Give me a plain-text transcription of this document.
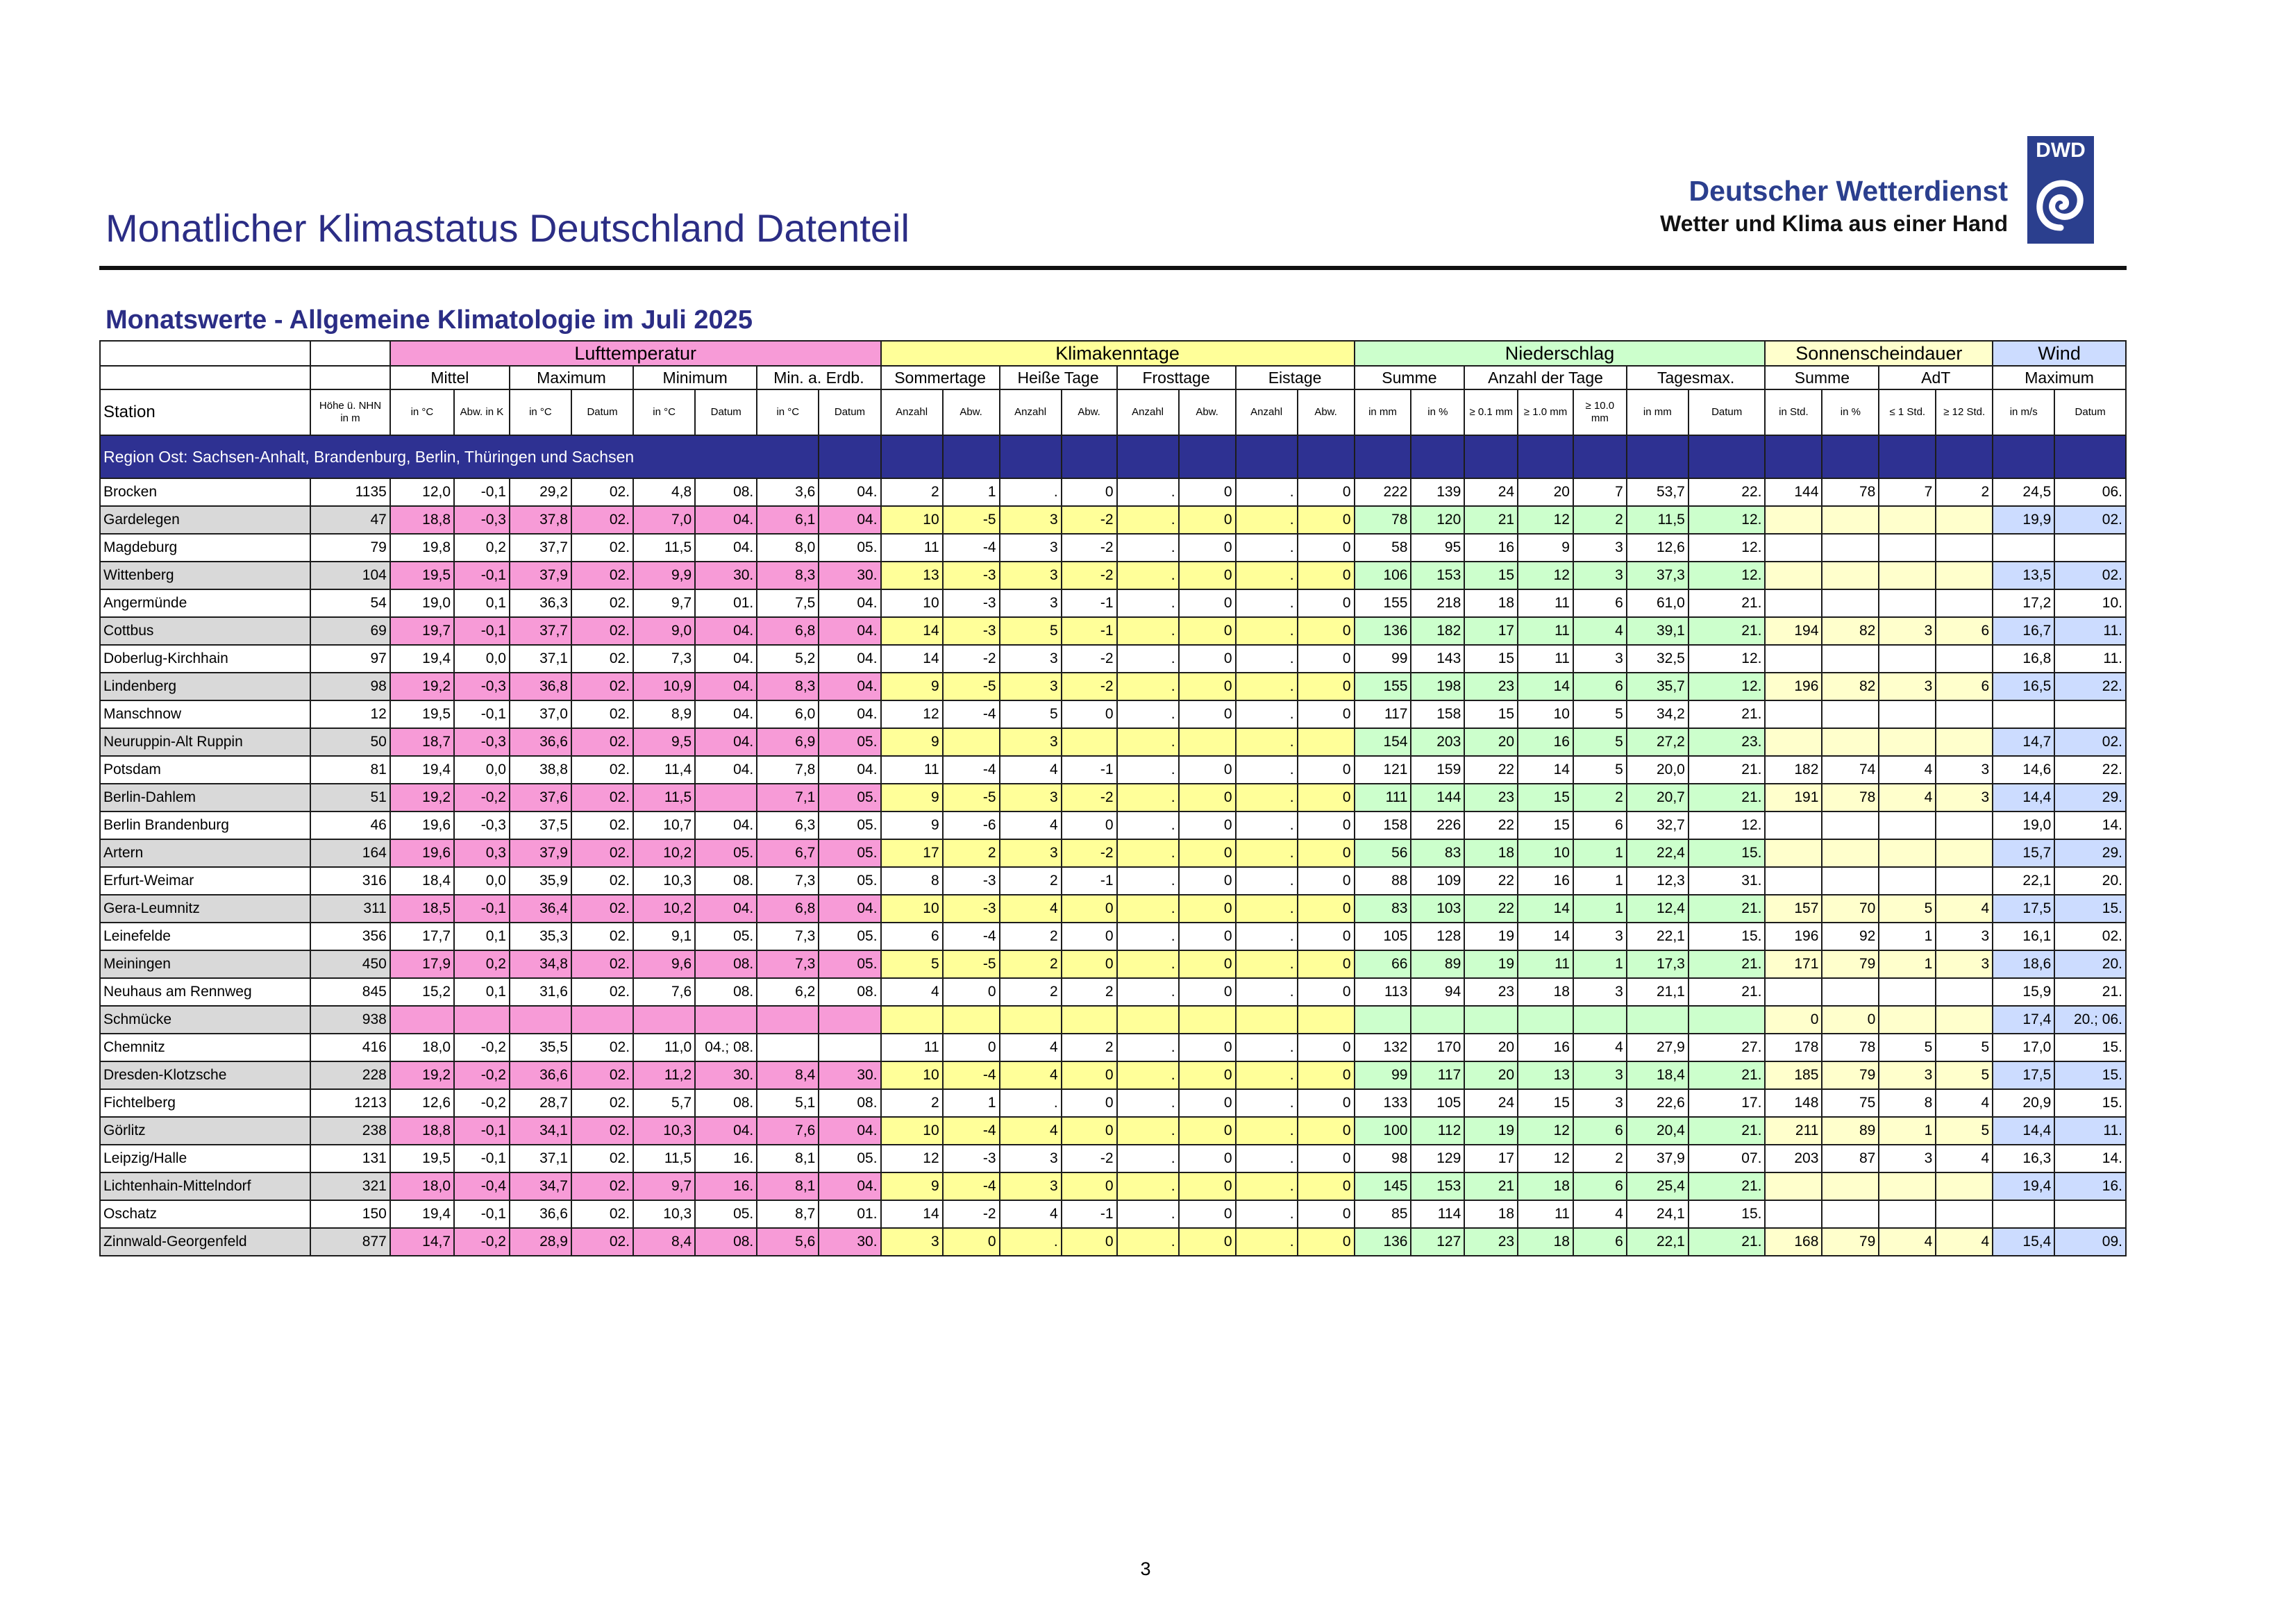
Monatlicher Klimastatus Deutschland Datenteil
Deutscher Wetterdienst
Wetter und Klima aus einer Hand
DWD
Monatswerte - Allgemeine Klimatologie im Juli 2025
		Lufttemperatur								Klimakenntage								Niederschlag							Sonnenscheindauer				Wind	
		Mittel		Maximum		Minimum		Min. a. Erdb.		Sommertage		Heiße Tage		Frosttage		Eistage		Summe		Anzahl der Tage			Tagesmax.		Summe		AdT		Maximum	
Station	Höhe ü. NHN in m	in °C	Abw. in K	in °C	Datum	in °C	Datum	in °C	Datum	Anzahl	Abw.	Anzahl	Abw.	Anzahl	Abw.	Anzahl	Abw.	in mm	in %	≥ 0.1 mm	≥ 1.0 mm	≥ 10.0 mm	in mm	Datum	in Std.	in %	≤ 1 Std.	≥ 12 Std.	in m/s	Datum
Region Ost: Sachsen-Anhalt, Brandenburg, Berlin, Thüringen und Sachsen																														
Brocken	1135	12,0	-0,1	29,2	02.	4,8	08.	3,6	04.	2	1	.	0	.	0	.	0	222	139	24	20	7	53,7	22.	144	78	7	2	24,5	06.
Gardelegen	47	18,8	-0,3	37,8	02.	7,0	04.	6,1	04.	10	-5	3	-2	.	0	.	0	78	120	21	12	2	11,5	12.					19,9	02.
Magdeburg	79	19,8	0,2	37,7	02.	11,5	04.	8,0	05.	11	-4	3	-2	.	0	.	0	58	95	16	9	3	12,6	12.						
Wittenberg	104	19,5	-0,1	37,9	02.	9,9	30.	8,3	30.	13	-3	3	-2	.	0	.	0	106	153	15	12	3	37,3	12.					13,5	02.
Angermünde	54	19,0	0,1	36,3	02.	9,7	01.	7,5	04.	10	-3	3	-1	.	0	.	0	155	218	18	11	6	61,0	21.					17,2	10.
Cottbus	69	19,7	-0,1	37,7	02.	9,0	04.	6,8	04.	14	-3	5	-1	.	0	.	0	136	182	17	11	4	39,1	21.	194	82	3	6	16,7	11.
Doberlug-Kirchhain	97	19,4	0,0	37,1	02.	7,3	04.	5,2	04.	14	-2	3	-2	.	0	.	0	99	143	15	11	3	32,5	12.					16,8	11.
Lindenberg	98	19,2	-0,3	36,8	02.	10,9	04.	8,3	04.	9	-5	3	-2	.	0	.	0	155	198	23	14	6	35,7	12.	196	82	3	6	16,5	22.
Manschnow	12	19,5	-0,1	37,0	02.	8,9	04.	6,0	04.	12	-4	5	0	.	0	.	0	117	158	15	10	5	34,2	21.						
Neuruppin-Alt Ruppin	50	18,7	-0,3	36,6	02.	9,5	04.	6,9	05.	9		3		.		.		154	203	20	16	5	27,2	23.					14,7	02.
Potsdam	81	19,4	0,0	38,8	02.	11,4	04.	7,8	04.	11	-4	4	-1	.	0	.	0	121	159	22	14	5	20,0	21.	182	74	4	3	14,6	22.
Berlin-Dahlem	51	19,2	-0,2	37,6	02.	11,5		7,1	05.	9	-5	3	-2	.	0	.	0	111	144	23	15	2	20,7	21.	191	78	4	3	14,4	29.
Berlin Brandenburg	46	19,6	-0,3	37,5	02.	10,7	04.	6,3	05.	9	-6	4	0	.	0	.	0	158	226	22	15	6	32,7	12.					19,0	14.
Artern	164	19,6	0,3	37,9	02.	10,2	05.	6,7	05.	17	2	3	-2	.	0	.	0	56	83	18	10	1	22,4	15.					15,7	29.
Erfurt-Weimar	316	18,4	0,0	35,9	02.	10,3	08.	7,3	05.	8	-3	2	-1	.	0	.	0	88	109	22	16	1	12,3	31.					22,1	20.
Gera-Leumnitz	311	18,5	-0,1	36,4	02.	10,2	04.	6,8	04.	10	-3	4	0	.	0	.	0	83	103	22	14	1	12,4	21.	157	70	5	4	17,5	15.
Leinefelde	356	17,7	0,1	35,3	02.	9,1	05.	7,3	05.	6	-4	2	0	.	0	.	0	105	128	19	14	3	22,1	15.	196	92	1	3	16,1	02.
Meiningen	450	17,9	0,2	34,8	02.	9,6	08.	7,3	05.	5	-5	2	0	.	0	.	0	66	89	19	11	1	17,3	21.	171	79	1	3	18,6	20.
Neuhaus am Rennweg	845	15,2	0,1	31,6	02.	7,6	08.	6,2	08.	4	0	2	2	.	0	.	0	113	94	23	18	3	21,1	21.					15,9	21.
Schmücke	938																								0	0			17,4	20.; 06.
Chemnitz	416	18,0	-0,2	35,5	02.	11,0	04.; 08.			11	0	4	2	.	0	.	0	132	170	20	16	4	27,9	27.	178	78	5	5	17,0	15.
Dresden-Klotzsche	228	19,2	-0,2	36,6	02.	11,2	30.	8,4	30.	10	-4	4	0	.	0	.	0	99	117	20	13	3	18,4	21.	185	79	3	5	17,5	15.
Fichtelberg	1213	12,6	-0,2	28,7	02.	5,7	08.	5,1	08.	2	1	.	0	.	0	.	0	133	105	24	15	3	22,6	17.	148	75	8	4	20,9	15.
Görlitz	238	18,8	-0,1	34,1	02.	10,3	04.	7,6	04.	10	-4	4	0	.	0	.	0	100	112	19	12	6	20,4	21.	211	89	1	5	14,4	11.
Leipzig/Halle	131	19,5	-0,1	37,1	02.	11,5	16.	8,1	05.	12	-3	3	-2	.	0	.	0	98	129	17	12	2	37,9	07.	203	87	3	4	16,3	14.
Lichtenhain-Mittelndorf	321	18,0	-0,4	34,7	02.	9,7	16.	8,1	04.	9	-4	3	0	.	0	.	0	145	153	21	18	6	25,4	21.					19,4	16.
Oschatz	150	19,4	-0,1	36,6	02.	10,3	05.	8,7	01.	14	-2	4	-1	.	0	.	0	85	114	18	11	4	24,1	15.						
Zinnwald-Georgenfeld	877	14,7	-0,2	28,9	02.	8,4	08.	5,6	30.	3	0	.	0	.	0	.	0	136	127	23	18	6	22,1	21.	168	79	4	4	15,4	09.
3
